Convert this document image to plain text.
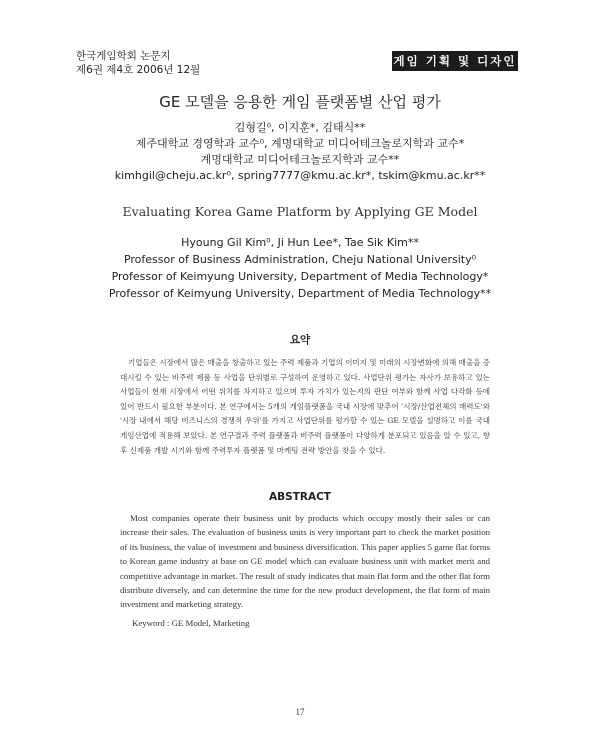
한국게임학회 논문지
제6권 제4호 2006년 12월
게임 기획 및 디자인
GE 모델을 응용한 게임 플랫폼별 산업 평가
김형길⁰, 이지훈*, 김태식**
제주대학교 경영학과 교수⁰, 계명대학교 미디어테크놀로지학과 교수*
계명대학교 미디어테크놀로지학과 교수**
kimhgil@cheju.ac.kr⁰, spring7777@kmu.ac.kr*, tskim@kmu.ac.kr**
Evaluating Korea Game Platform by Applying GE Model
Hyoung Gil Kim⁰, Ji Hun Lee*, Tae Sik Kim**
Professor of Business Administration, Cheju National University⁰
Professor of Keimyung University, Department of Media Technology*
Professor of Keimyung University, Department of Media Technology**
요약
기업들은 시장에서 많은 매출을 창출하고 있는 주력 제품과 기업의 이미지 및 미래의 시장변화에 의해 매출을 증대시킬 수 있는 비주력 제품 등 사업을 단위별로 구성하여 운영하고 있다. 사업단위 평가는 자사가 보유하고 있는 사업들이 현재 시장에서 어떤 위치를 차지하고 있으며 투자 가치가 있는지의 판단 여부와 함께 사업 다각화 등에 있어 반드시 필요한 부분이다. 본 연구에서는 5개의 게임플랫폼을 국내 시장에 맞추어 '시장/산업전체의 매력도'와 '시장 내에서 해당 비즈니스의 경쟁적 우위'를 가지고 사업단위를 평가할 수 있는 GE 모델을 설명하고 이를 국내게임산업에 적용해 보았다. 본 연구결과 주력 플랫폼과 비주력 플랫폼이 다양하게 분포되고 있음을 알 수 있고, 향후 신제품 개발 시기와 함께 주력투자 플랫폼 및 마케팅 전략 방안을 찾을 수 있다.
ABSTRACT
Most companies operate their business unit by products which occupy mostly their sales or can increase their sales. The evaluation of business units is very important part to check the market position of its business, the value of investment and business diversification. This paper applies 5 game flat forms to Korean game industry at base on GE model which can evaluate business unit with market merit and competitive advantage in market. The result of study indicates that main flat form and the other flat form distribute diversely, and can determine the time for the new product development, the flat form of main investment and marketing strategy.
Keyword : GE Model, Marketing
17
